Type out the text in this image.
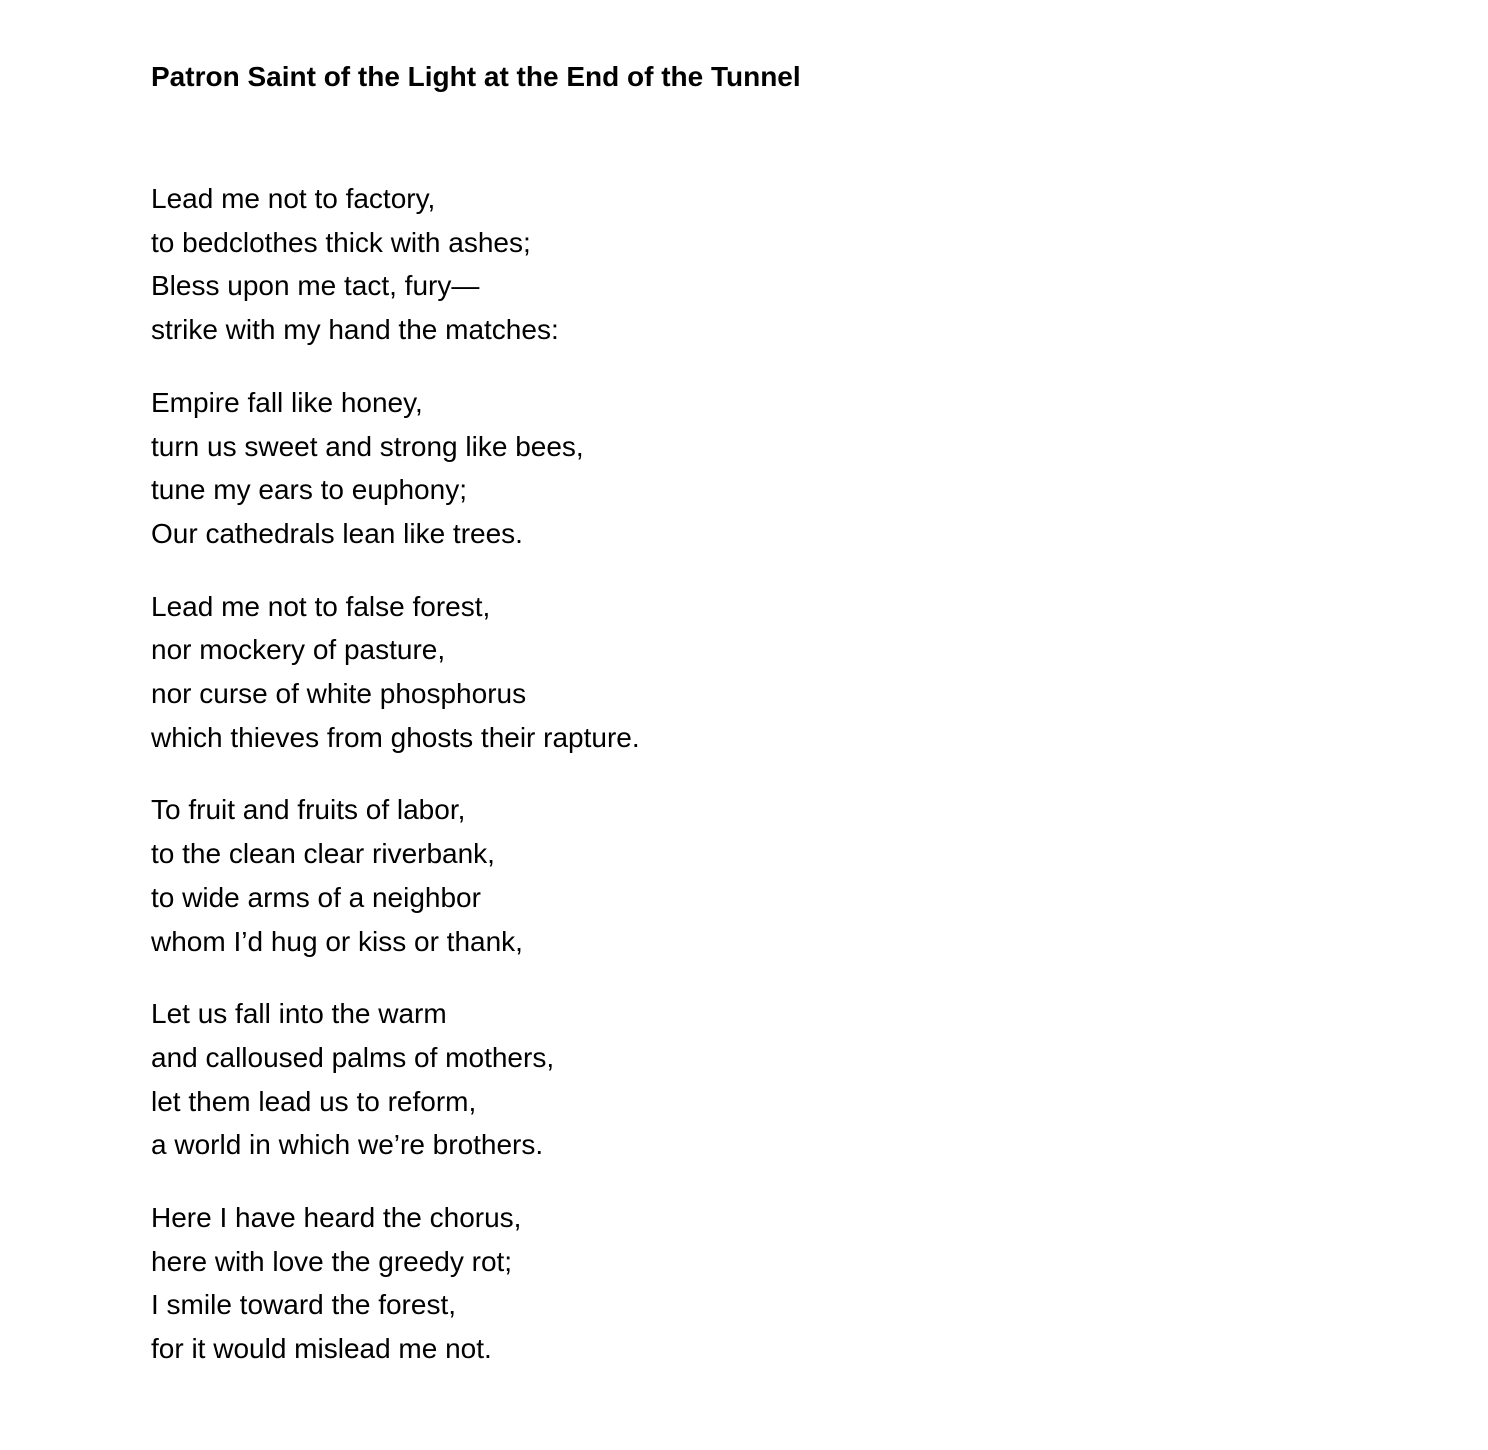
Patron Saint of the Light at the End of the Tunnel

Lead me not to factory,
to bedclothes thick with ashes;
Bless upon me tact, fury—
strike with my hand the matches:

Empire fall like honey,
turn us sweet and strong like bees,
tune my ears to euphony;
Our cathedrals lean like trees.

Lead me not to false forest,
nor mockery of pasture,
nor curse of white phosphorus
which thieves from ghosts their rapture.

To fruit and fruits of labor,
to the clean clear riverbank,
to wide arms of a neighbor
whom I’d hug or kiss or thank,

Let us fall into the warm
and calloused palms of mothers,
let them lead us to reform,
a world in which we’re brothers.

Here I have heard the chorus,
here with love the greedy rot;
I smile toward the forest,
for it would mislead me not.
